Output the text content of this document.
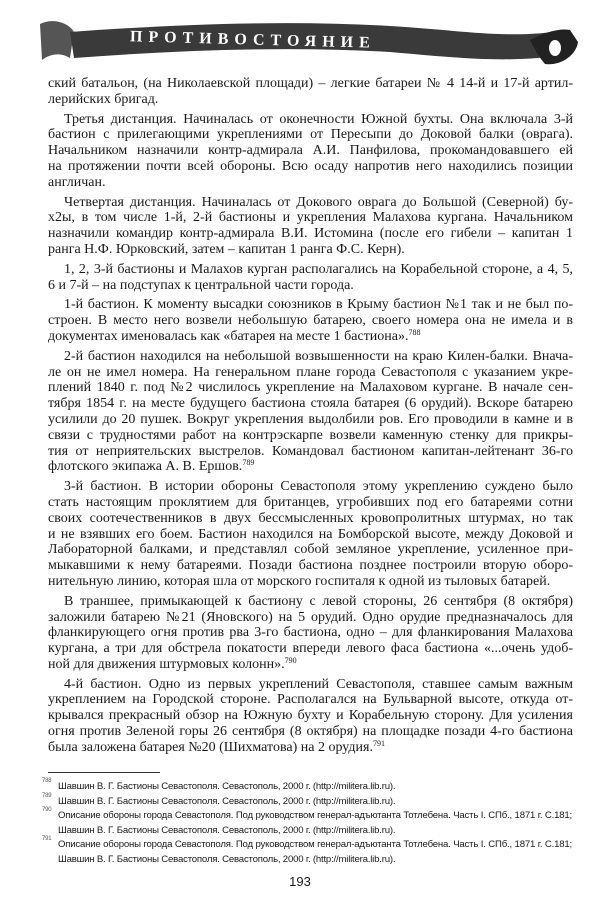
ПРОТИВОСТОЯНИЕ
ский батальон, (на Николаевской площади) – легкие батареи № 4 14-й и 17-й артил-
лерийских бригад.
Третья дистанция. Начиналась от оконечности Южной бухты. Она включала 3-й
бастион с прилегающими укреплениями от Пересыпи до Доковой балки (оврага).
Начальником назначили контр-адмирала А.И. Панфилова, прокомандовавшего ей
на протяжении почти всей обороны. Всю осаду напротив него находились позиции
англичан.
Четвертая дистанция. Начиналась от Докового оврага до Большой (Северной) бу-
х2ы, в том числе 1-й, 2-й бастионы и укрепления Малахова кургана. Начальником
назначили командир контр-адмирала В.И. Истомина (после его гибели – капитан 1
ранга Н.Ф. Юрковский, затем – капитан 1 ранга Ф.С. Керн).
1, 2, 3-й бастионы и Малахов курган располагались на Корабельной стороне, а 4, 5,
6 и 7-й – на подступах к центральной части города.
1-й бастион. К моменту высадки союзников в Крыму бастион №1 так и не был по-
строен. В место него возвели небольшую батарею, своего номера она не имела и в
документах именовалась как «батарея на месте 1 бастиона».$^{788}$
2-й бастион находился на небольшой возвышенности на краю Килен-балки. Внача-
ле он не имел номера. На генеральном плане города Севастополя с указанием укре-
плений 1840 г. под №2 числилось укрепление на Малаховом кургане. В начале сен-
тября 1854 г. на месте будущего бастиона стояла батарея (6 орудий). Вскоре батарею
усилили до 20 пушек. Вокруг укрепления выдолбили ров. Его проводили в камне и в
связи с трудностями работ на контрэскарпе возвели каменную стенку для прикры-
тия от неприятельских выстрелов. Командовал бастионом капитан-лейтенант 36-го
флотского экипажа А. В. Ершов.$^{789}$
3-й бастион. В истории обороны Севастополя этому укреплению суждено было
стать настоящим проклятием для британцев, угробивших под его батареями сотни
своих соотечественников в двух бессмысленных кровопролитных штурмах, но так
и не взявших его боем. Бастион находился на Бомборской высоте, между Доковой и
Лабораторной балками, и представлял собой земляное укрепление, усиленное при-
мыкавшими к нему батареями. Позади бастиона позднее построили вторую оборо-
нительную линию, которая шла от морского госпиталя к одной из тыловых батарей.
В траншее, примыкающей к бастиону с левой стороны, 26 сентября (8 октября)
заложили батарею №21 (Яновского) на 5 орудий. Одно орудие предназначалось для
фланкирующего огня против рва 3-го бастиона, одно – для фланкирования Малахова
кургана, а три для обстрела покатости впереди левого фаса бастиона «...очень удоб-
ной для движения штурмовых колонн».$^{790}$
4-й бастион. Одно из первых укреплений Севастополя, ставшее самым важным
укреплением на Городской стороне. Располагался на Бульварной высоте, откуда от-
крывался прекрасный обзор на Южную бухту и Корабельную сторону. Для усиления
огня против Зеленой горы 26 сентября (8 октября) на площадке позади 4-го бастиона
была заложена батарея №20 (Шихматова) на 2 орудия.$^{791}$
788 Шавшин В. Г. Бастионы Севастополя. Севастополь, 2000 г. (http://militera.lib.ru).
789 Шавшин В. Г. Бастионы Севастополя. Севастополь, 2000 г. (http://militera.lib.ru).
790 Описание обороны города Севастополя. Под руководством генерал-адъютанта Тотлебена. Часть I. СПб., 1871 г. С.181;
Шавшин В. Г. Бастионы Севастополя. Севастополь, 2000 г. (http://militera.lib.ru).
791 Описание обороны города Севастополя. Под руководством генерал-адъютанта Тотлебена. Часть I. СПб., 1871 г. С.181;
Шавшин В. Г. Бастионы Севастополя. Севастополь, 2000 г. (http://militera.lib.ru).
193
